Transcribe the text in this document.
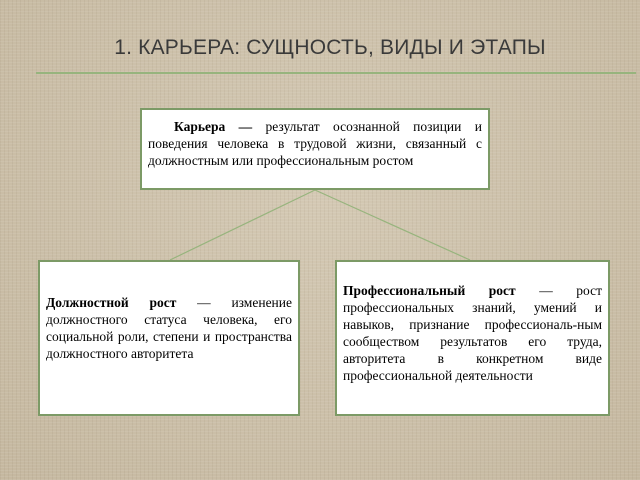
1. КАРЬЕРА: СУЩНОСТЬ, ВИДЫ И ЭТАПЫ
Карьера — результат осознанной позиции и поведения человека в трудовой жизни, связанный с должностным или профессиональным ростом
Должностной рост — изменение должностного статуса человека, его социальной роли, степени и пространства должностного авторитета
Профессиональный рост — рост профессиональных знаний, умений и навыков, признание профессиональ-ным сообществом результатов его труда, авторитета в конкретном виде профессиональной деятельности
